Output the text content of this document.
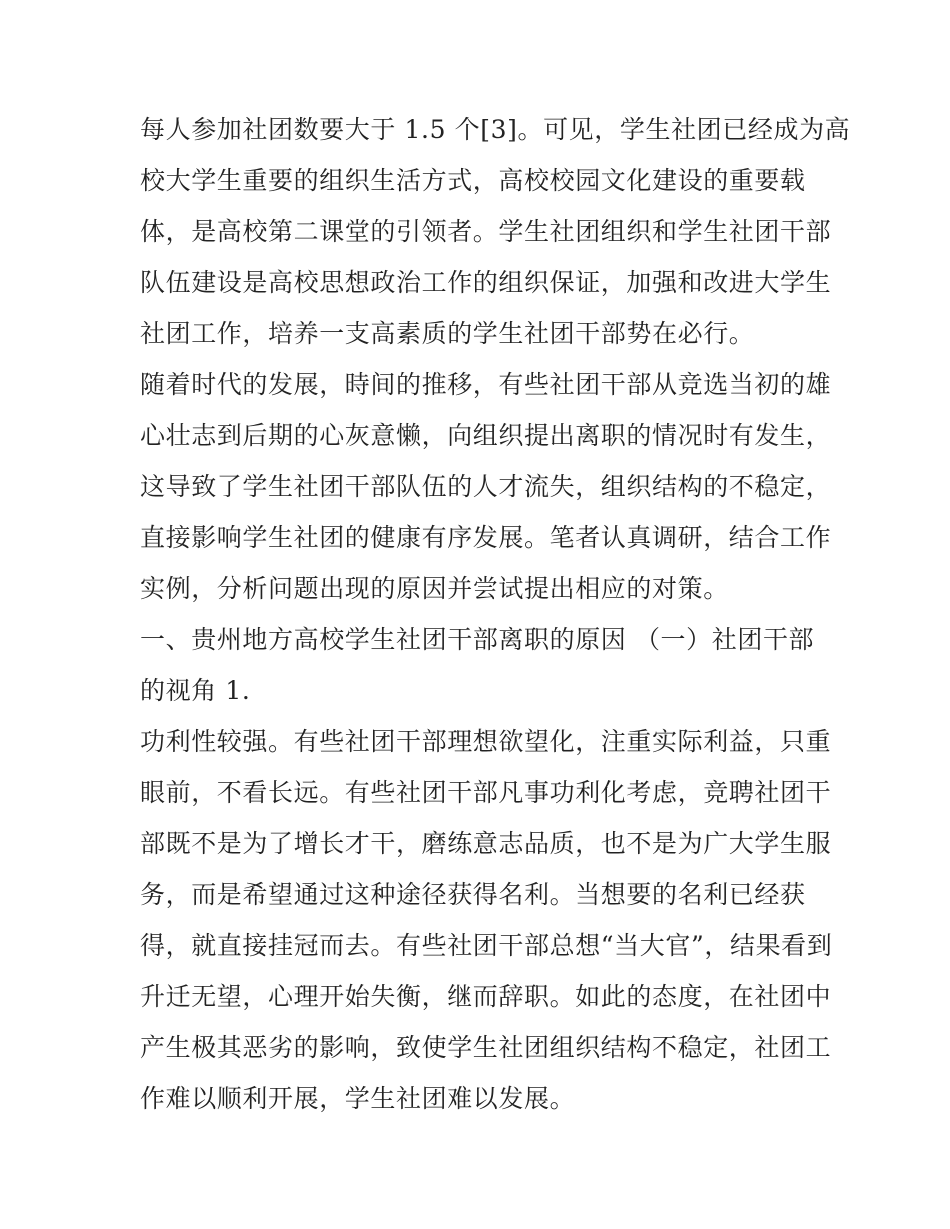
每人参加社团数要大于 1.5 个[3]。可见，学生社团已经成为高
校大学生重要的组织生活方式，高校校园文化建设的重要载
体，是高校第二课堂的引领者。学生社团组织和学生社团干部
队伍建设是高校思想政治工作的组织保证，加强和改进大学生
社团工作，培养一支高素质的学生社团干部势在必行。
随着时代的发展，時间的推移，有些社团干部从竞选当初的雄
心壮志到后期的心灰意懒，向组织提出离职的情况时有发生，
这导致了学生社团干部队伍的人才流失，组织结构的不稳定，
直接影响学生社团的健康有序发展。笔者认真调研，结合工作
实例，分析问题出现的原因并尝试提出相应的对策。
一、贵州地方高校学生社团干部离职的原因 （一）社团干部
的视角 1.
功利性较强。有些社团干部理想欲望化，注重实际利益，只重
眼前，不看长远。有些社团干部凡事功利化考虑，竞聘社团干
部既不是为了增长才干，磨练意志品质，也不是为广大学生服
务，而是希望通过这种途径获得名利。当想要的名利已经获
得，就直接挂冠而去。有些社团干部总想“当大官”，结果看到
升迁无望，心理开始失衡，继而辞职。如此的态度，在社团中
产生极其恶劣的影响，致使学生社团组织结构不稳定，社团工
作难以顺利开展，学生社团难以发展。
